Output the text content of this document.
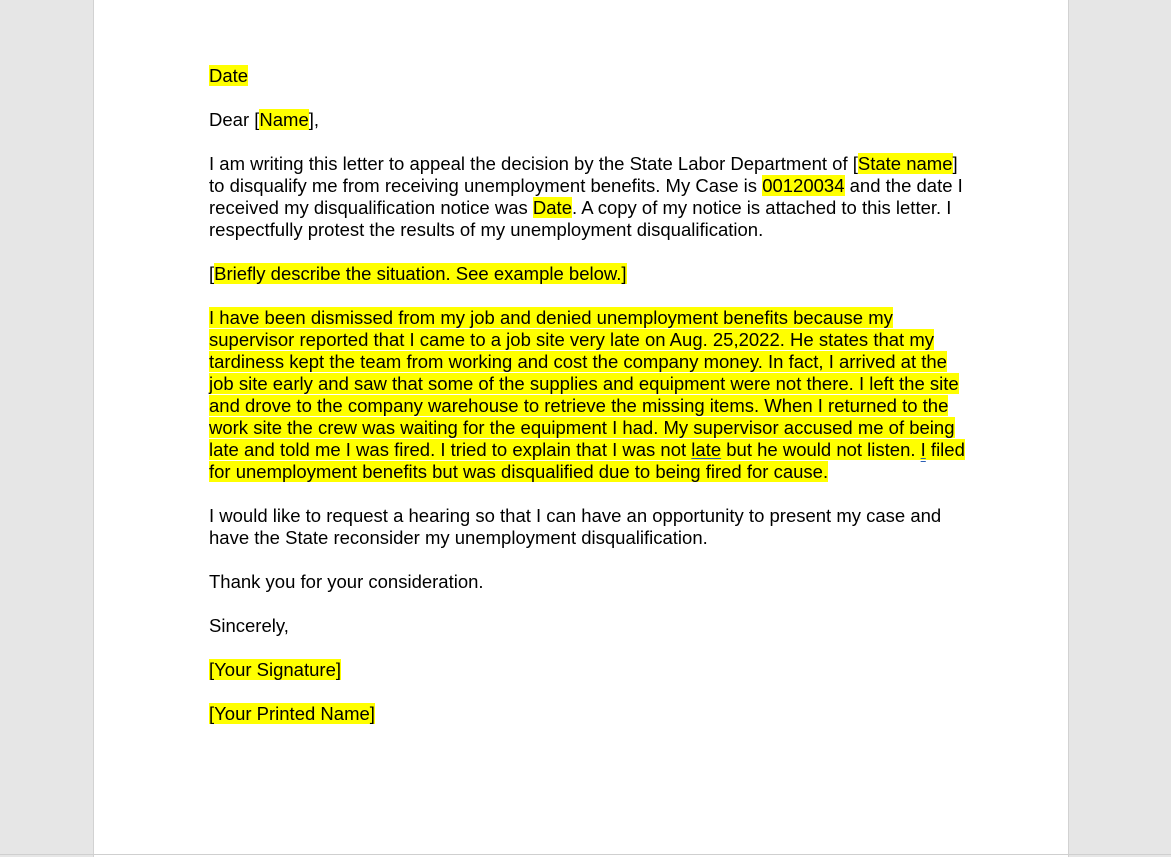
Date

Dear [Name],

I am writing this letter to appeal the decision by the State Labor Department of [State name] to disqualify me from receiving unemployment benefits. My Case is 00120034 and the date I received my disqualification notice was Date. A copy of my notice is attached to this letter. I respectfully protest the results of my unemployment disqualification.

[Briefly describe the situation. See example below.]

I have been dismissed from my job and denied unemployment benefits because my supervisor reported that I came to a job site very late on Aug. 25,2022. He states that my tardiness kept the team from working and cost the company money. In fact, I arrived at the job site early and saw that some of the supplies and equipment were not there. I left the site and drove to the company warehouse to retrieve the missing items. When I returned to the work site the crew was waiting for the equipment I had. My supervisor accused me of being late and told me I was fired. I tried to explain that I was not late but he would not listen. I filed for unemployment benefits but was disqualified due to being fired for cause.

I would like to request a hearing so that I can have an opportunity to present my case and have the State reconsider my unemployment disqualification.

Thank you for your consideration.

Sincerely,

[Your Signature]

[Your Printed Name]
